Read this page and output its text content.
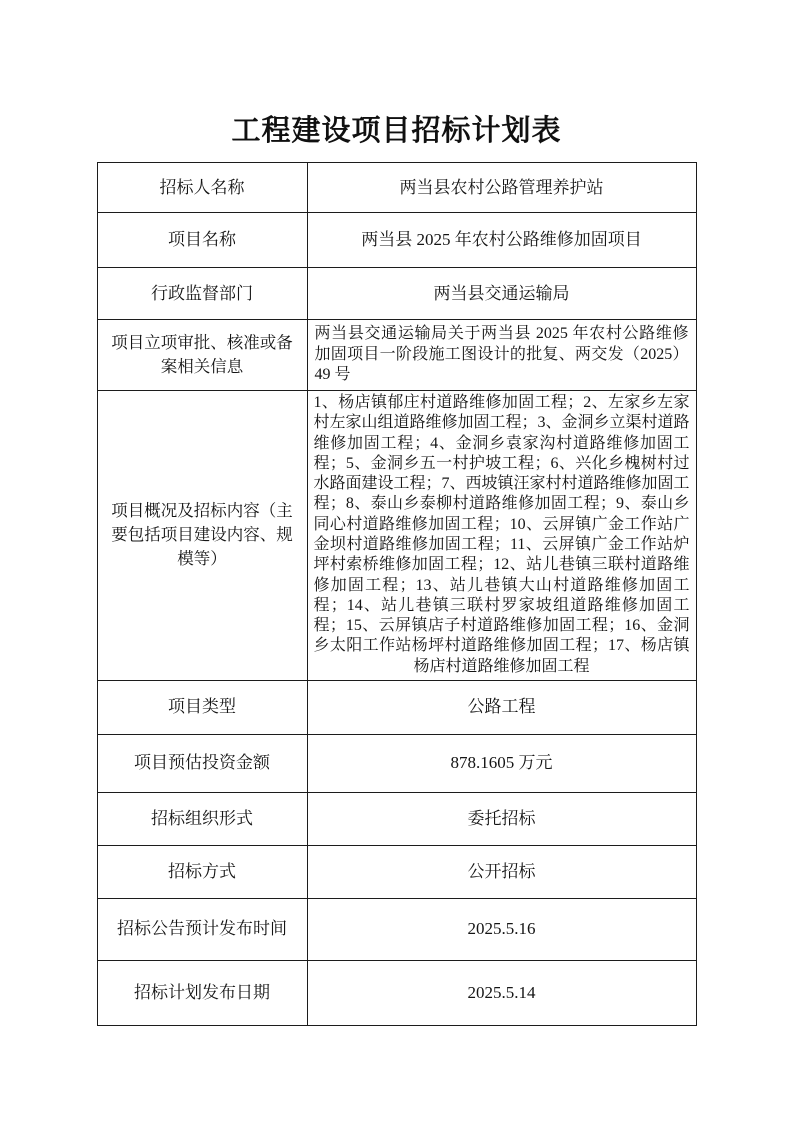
工程建设项目招标计划表
招标人名称	两当县农村公路管理养护站
项目名称	两当县 2025 年农村公路维修加固项目
行政监督部门	两当县交通运输局
项目立项审批、核准或备案相关信息	两当县交通运输局关于两当县 2025 年农村公路维修加固项目一阶段施工图设计的批复、两交发（2025）49 号
项目概况及招标内容（主要包括项目建设内容、规模等）	1、杨店镇郁庄村道路维修加固工程；2、左家乡左家村左家山组道路维修加固工程；3、金洞乡立渠村道路维修加固工程；4、金洞乡袁家沟村道路维修加固工程；5、金洞乡五一村护坡工程；6、兴化乡槐树村过水路面建设工程；7、西坡镇汪家村村道路维修加固工程；8、泰山乡泰柳村道路维修加固工程；9、泰山乡同心村道路维修加固工程；10、云屏镇广金工作站广金坝村道路维修加固工程；11、云屏镇广金工作站炉坪村索桥维修加固工程；12、站儿巷镇三联村道路维修加固工程；13、站儿巷镇大山村道路维修加固工程；14、站儿巷镇三联村罗家坡组道路维修加固工程；15、云屏镇店子村道路维修加固工程；16、金洞乡太阳工作站杨坪村道路维修加固工程；17、杨店镇杨店村道路维修加固工程
项目类型	公路工程
项目预估投资金额	878.1605 万元
招标组织形式	委托招标
招标方式	公开招标
招标公告预计发布时间	2025.5.16
招标计划发布日期	2025.5.14
